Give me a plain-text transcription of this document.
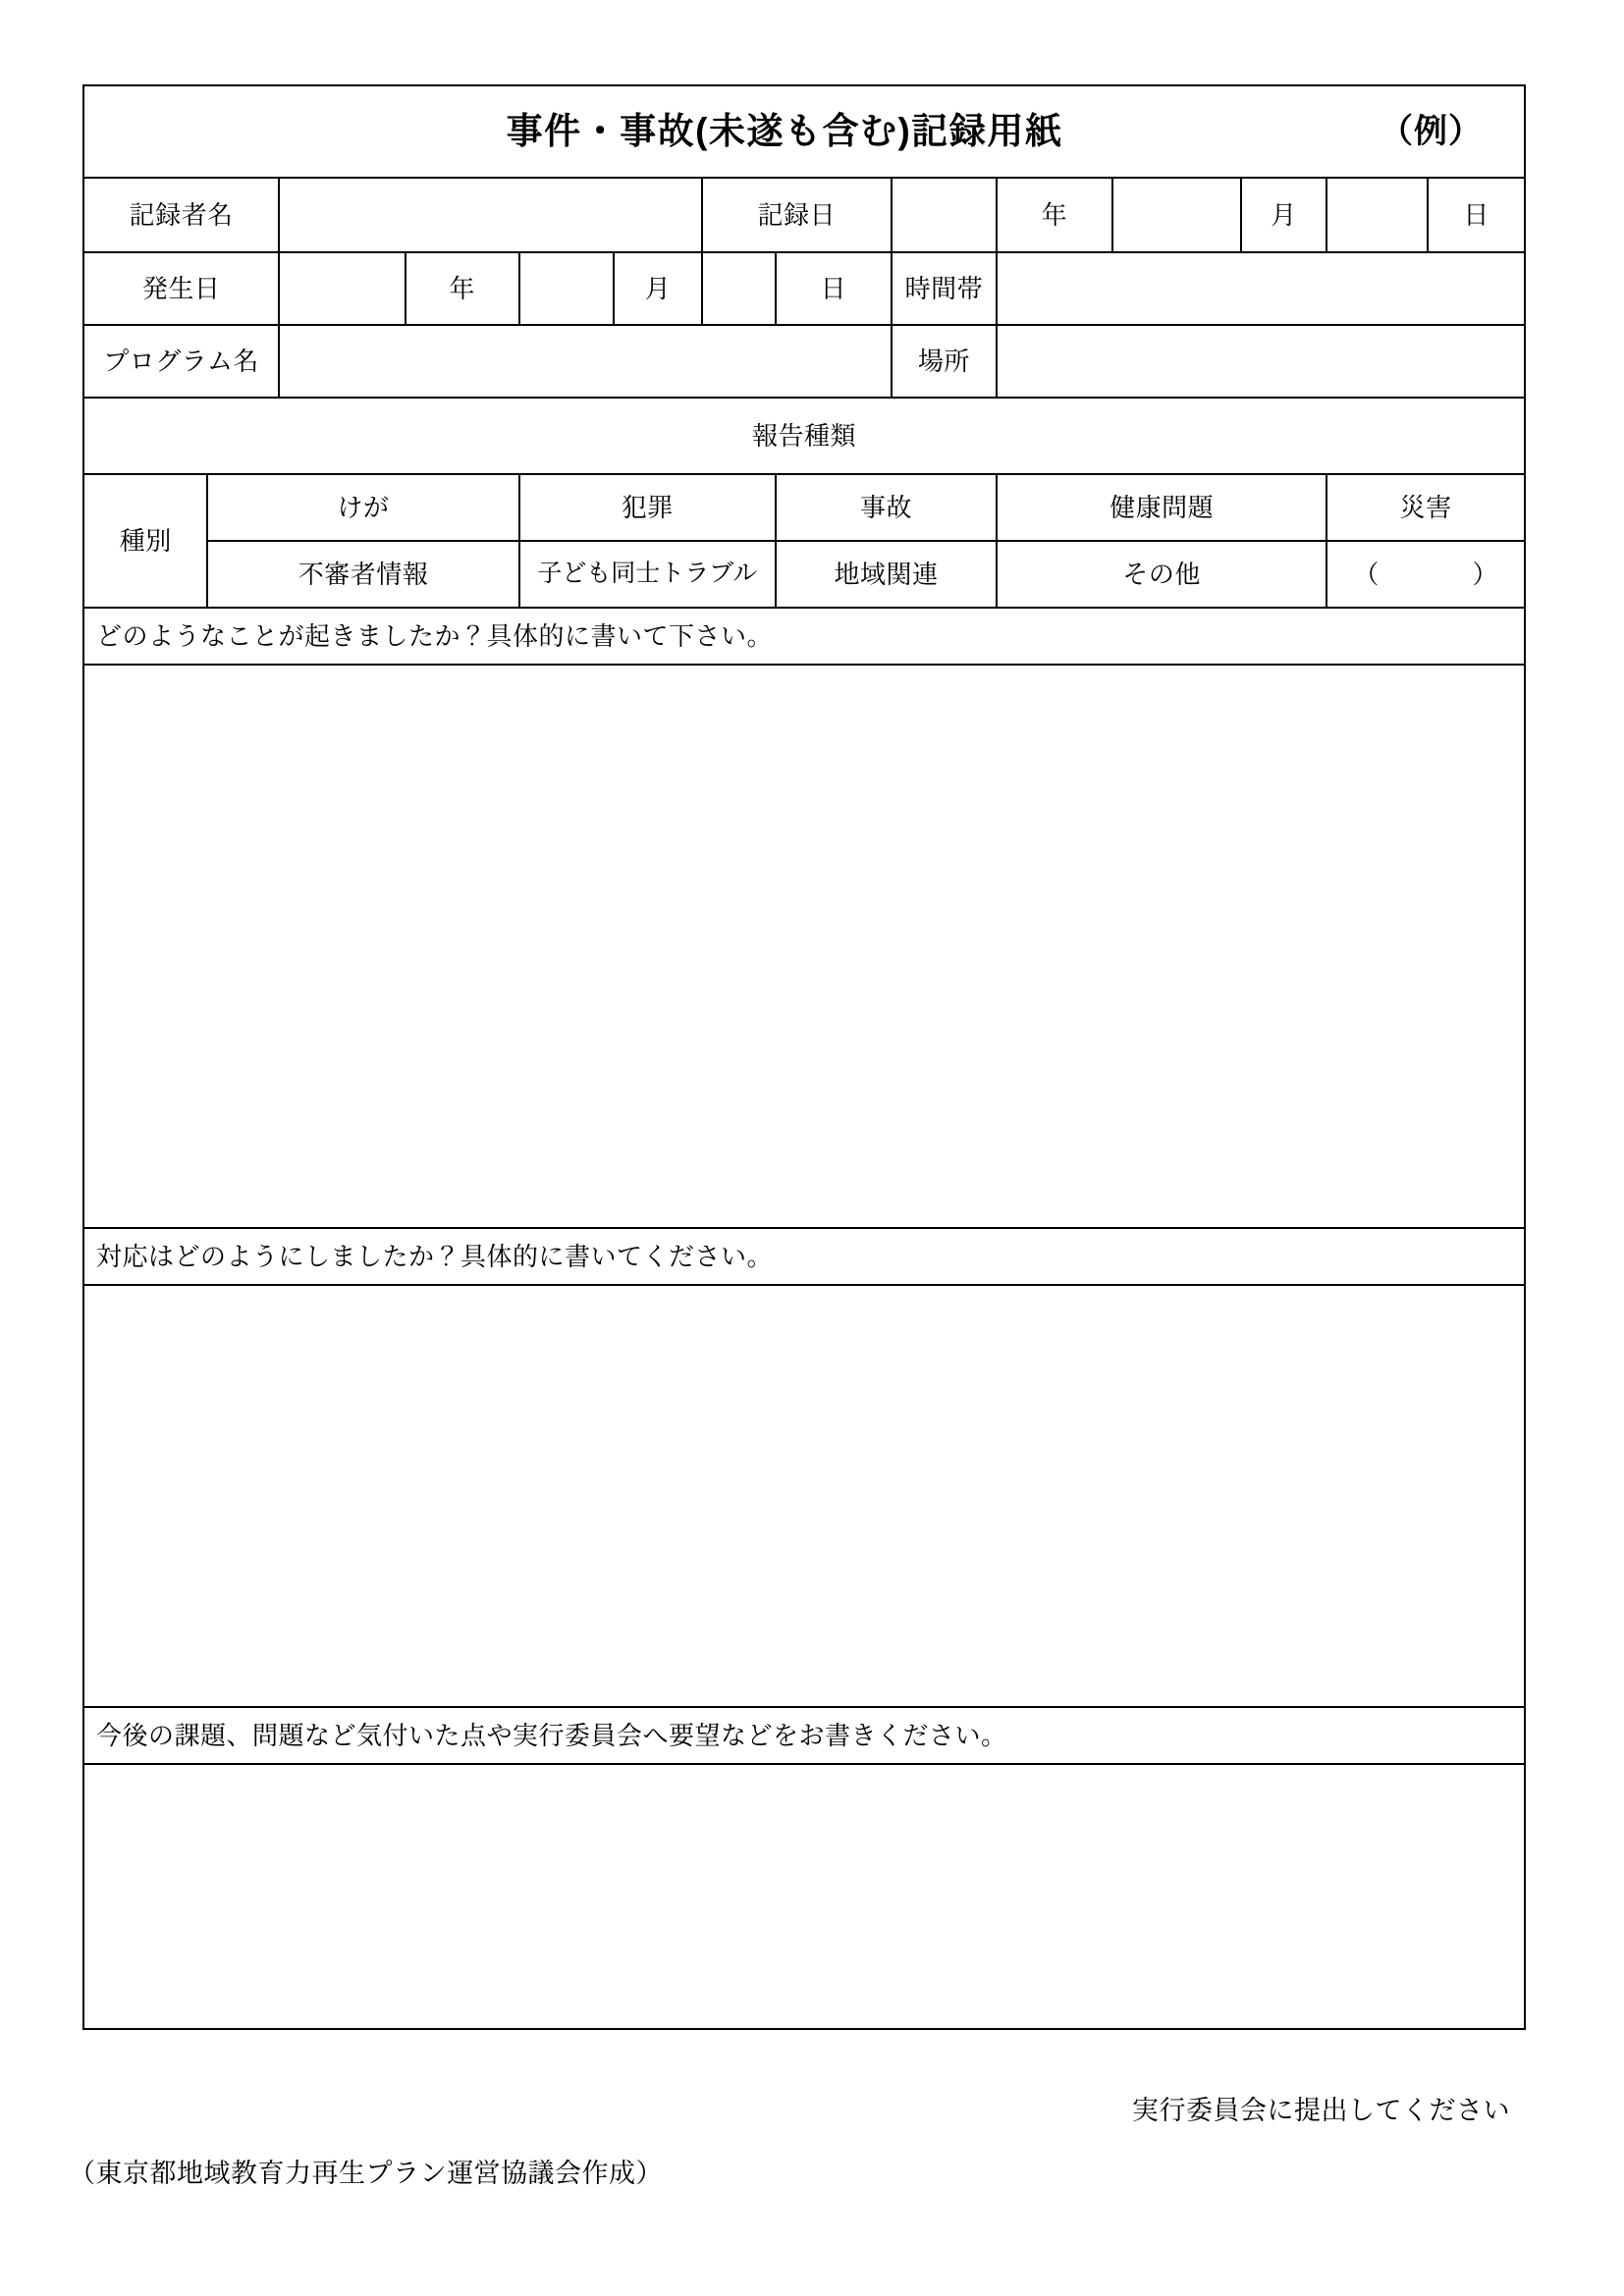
事件・事故(未遂も含む)記録用紙 （例）													

記録者名						記録日			年		月		日
発生日			年		月		日	時間帯					
プログラム名								場所					
報告種類													
種別	けが			犯罪			事故		健康問題			災害	
	不審者情報			子ども同士トラブル			地域関連		その他			（ ）	

どのようなことが起きましたか？具体的に書いて下さい。													

対応はどのようにしましたか？具体的に書いてください。													

今後の課題、問題など気付いた点や実行委員会へ要望などをお書きください。													

実行委員会に提出してください
（東京都地域教育力再生プラン運営協議会作成）
